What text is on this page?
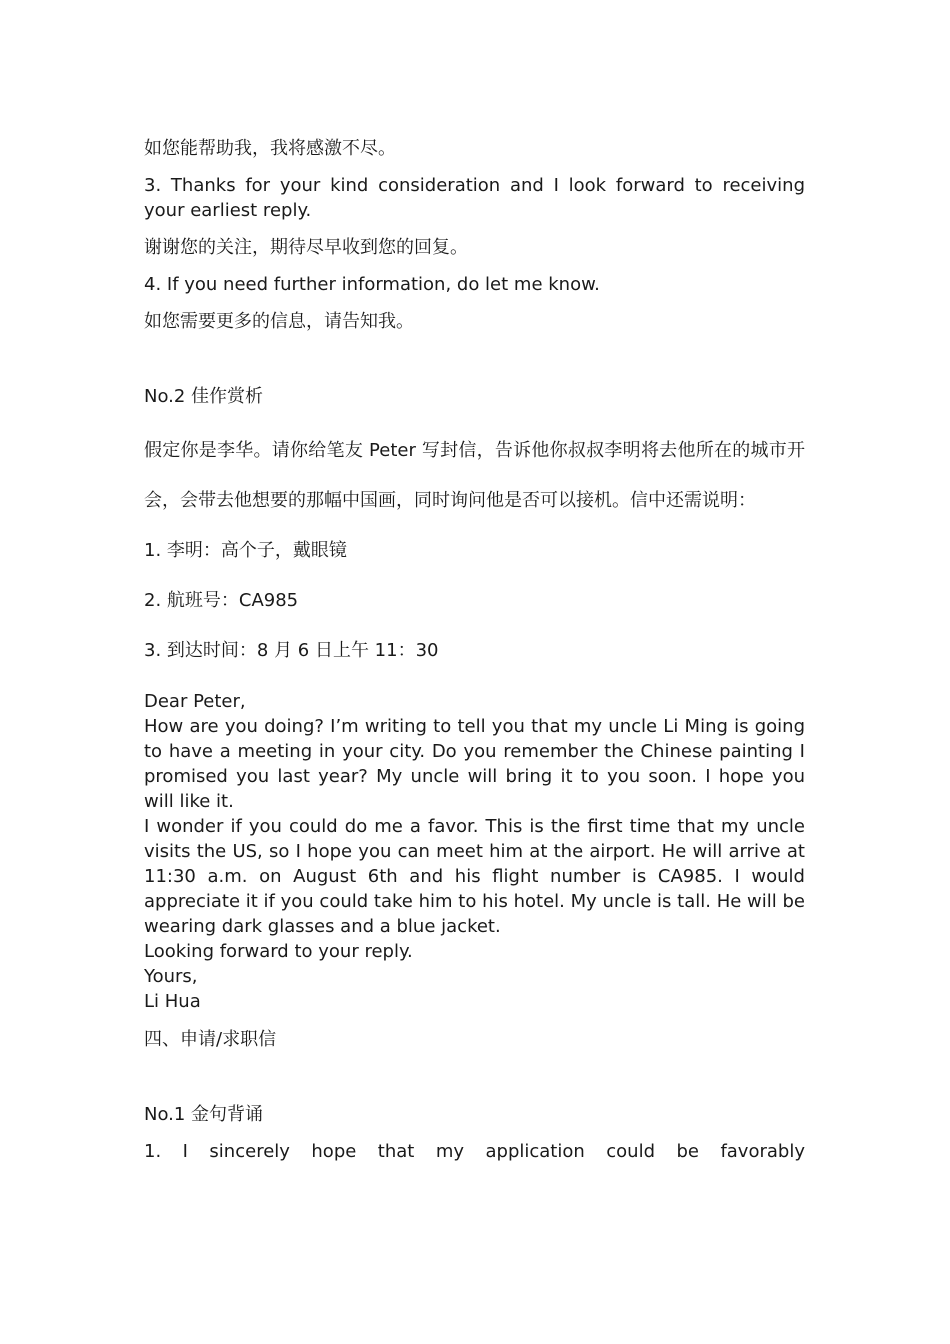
如您能帮助我，我将感激不尽。

3. Thanks for your kind consideration and I look forward to receiving your earliest reply.

谢谢您的关注，期待尽早收到您的回复。

4. If you need further information, do let me know.

如您需要更多的信息，请告知我。

No.2 佳作赏析

假定你是李华。请你给笔友 Peter 写封信，告诉他你叔叔李明将去他所在的城市开会，会带去他想要的那幅中国画，同时询问他是否可以接机。信中还需说明：

1. 李明：高个子，戴眼镜

2. 航班号：CA985

3. 到达时间：8 月 6 日上午 11：30

Dear Peter,

How are you doing? I’m writing to tell you that my uncle Li Ming is going to have a meeting in your city. Do you remember the Chinese painting I promised you last year? My uncle will bring it to you soon. I hope you will like it.

I wonder if you could do me a favor. This is the first time that my uncle visits the US, so I hope you can meet him at the airport. He will arrive at 11:30 a.m. on August 6th and his flight number is CA985. I would appreciate it if you could take him to his hotel. My uncle is tall. He will be wearing dark glasses and a blue jacket.

Looking forward to your reply.

Yours,

Li Hua

四、申请/求职信

No.1 金句背诵

1. I sincerely hope that my application could be favorably
